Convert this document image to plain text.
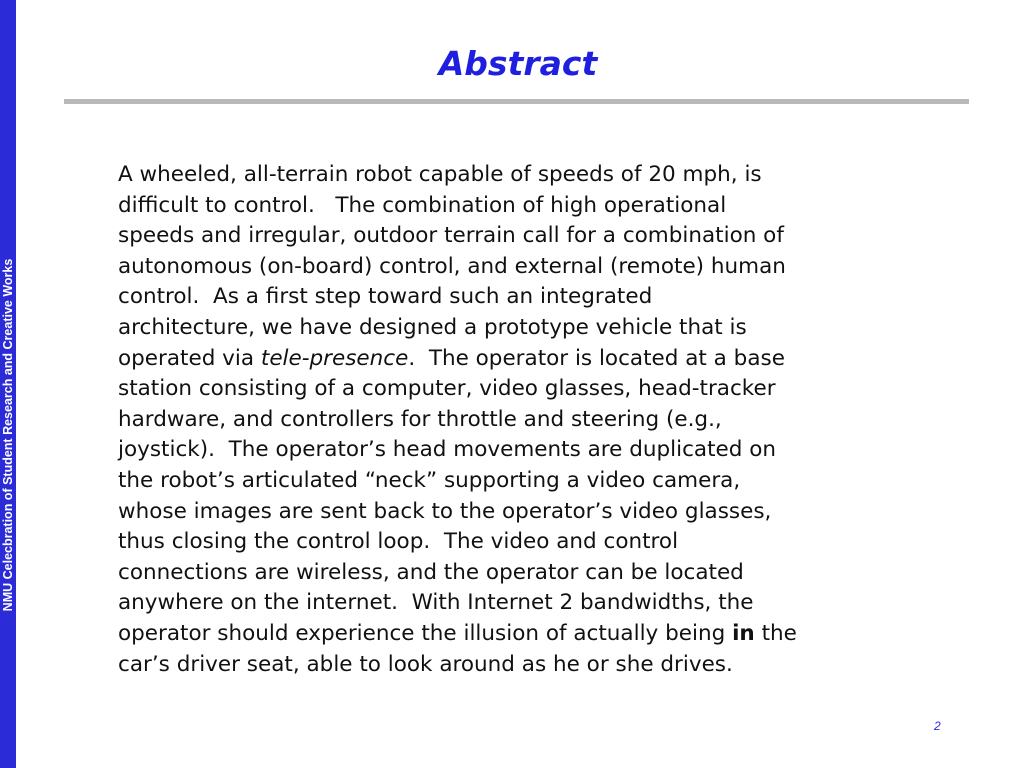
NMU Celecbration of Student Research and Creative Works
Abstract
A wheeled, all-terrain robot capable of speeds of 20 mph, is
difficult to control.   The combination of high operational
speeds and irregular, outdoor terrain call for a combination of
autonomous (on-board) control, and external (remote) human
control.  As a first step toward such an integrated
architecture, we have designed a prototype vehicle that is
operated via tele-presence.  The operator is located at a base
station consisting of a computer, video glasses, head-tracker
hardware, and controllers for throttle and steering (e.g.,
joystick).  The operator’s head movements are duplicated on
the robot’s articulated “neck” supporting a video camera,
whose images are sent back to the operator’s video glasses,
thus closing the control loop.  The video and control
connections are wireless, and the operator can be located
anywhere on the internet.  With Internet 2 bandwidths, the
operator should experience the illusion of actually being in the
car’s driver seat, able to look around as he or she drives.
2
